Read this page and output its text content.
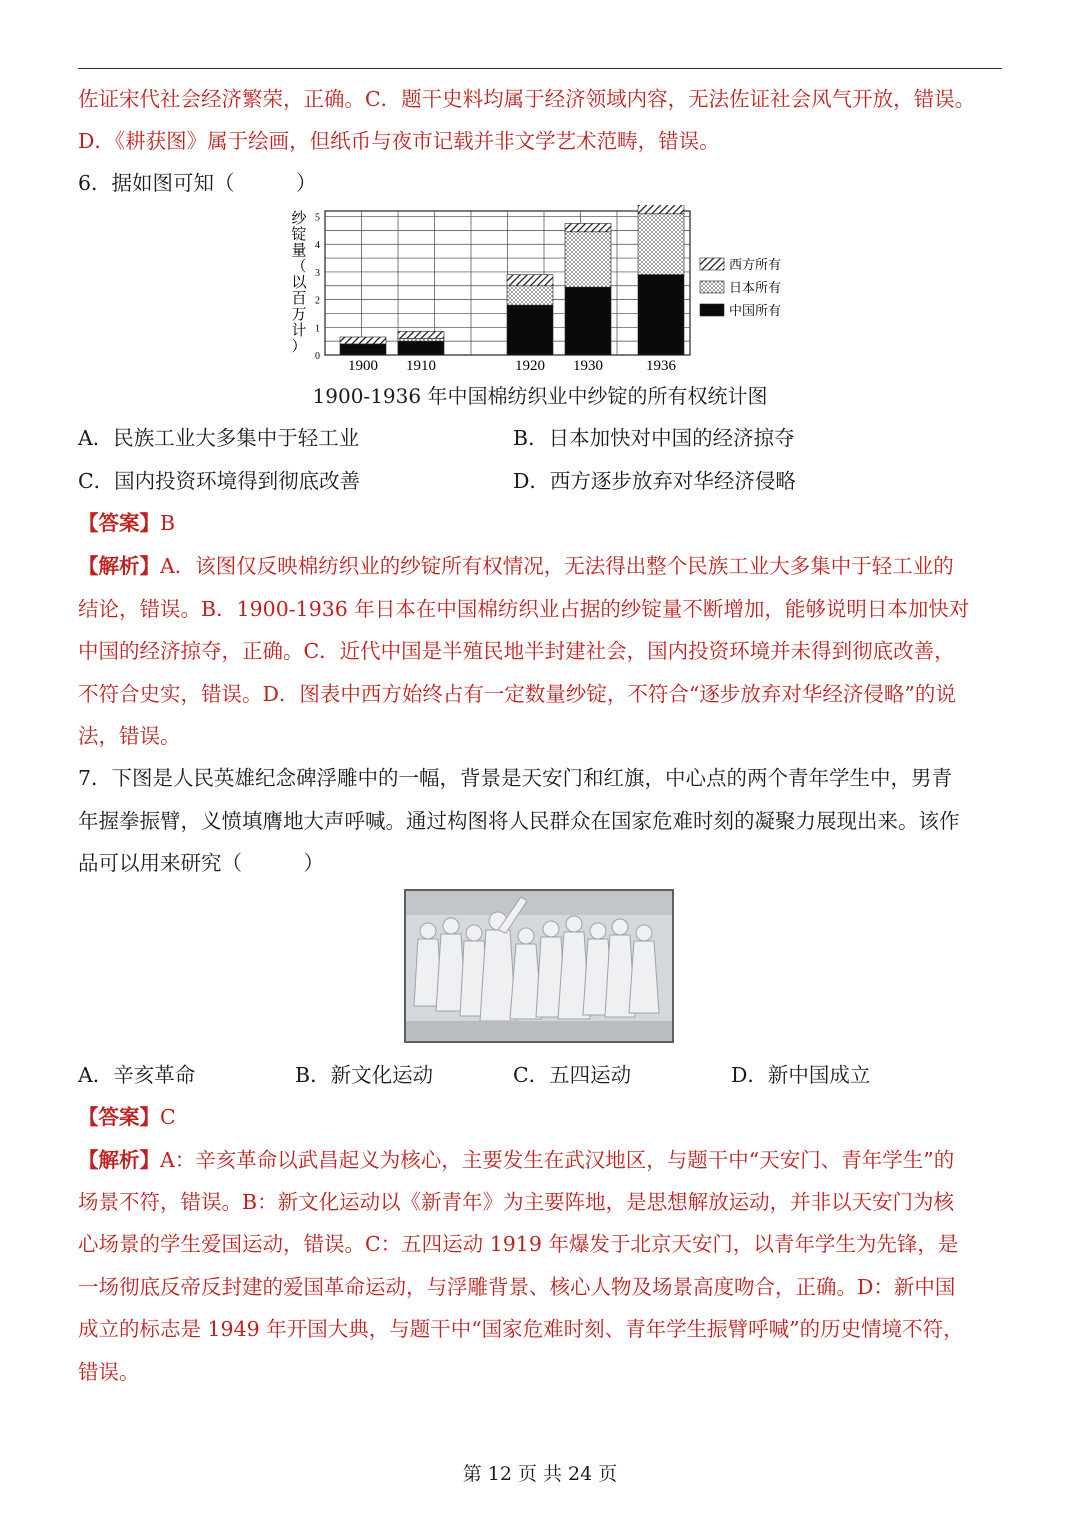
佐证宋代社会经济繁荣，正确。C．题干史料均属于经济领域内容，无法佐证社会风气开放，错误。
D．《耕获图》属于绘画，但纸币与夜市记载并非文学艺术范畴，错误。
6．据如图可知（　　　）
纱
锭
量
（
以
百
万
计
）
0
1
2
3
4
5
1900 1910	1920 1930	1936
西方所有
日本所有
中国所有
1900-1936 年中国棉纺织业中纱锭的所有权统计图
A．民族工业大多集中于轻工业	B．日本加快对中国的经济掠夺
C．国内投资环境得到彻底改善	D．西方逐步放弃对华经济侵略
【答案】B
【解析】A．该图仅反映棉纺织业的纱锭所有权情况，无法得出整个民族工业大多集中于轻工业的
结论，错误。B．1900-1936 年日本在中国棉纺织业占据的纱锭量不断增加，能够说明日本加快对
中国的经济掠夺，正确。C．近代中国是半殖民地半封建社会，国内投资环境并未得到彻底改善，
不符合史实，错误。D．图表中西方始终占有一定数量纱锭，不符合“逐步放弃对华经济侵略”的说
法，错误。
7．下图是人民英雄纪念碑浮雕中的一幅，背景是天安门和红旗，中心点的两个青年学生中，男青
年握拳振臂，义愤填膺地大声呼喊。通过构图将人民群众在国家危难时刻的凝聚力展现出来。该作
品可以用来研究（　　　）
A．辛亥革命	B．新文化运动	C．五四运动	D．新中国成立
【答案】C
【解析】A：辛亥革命以武昌起义为核心，主要发生在武汉地区，与题干中“天安门、青年学生”的
场景不符，错误。B：新文化运动以《新青年》为主要阵地，是思想解放运动，并非以天安门为核
心场景的学生爱国运动，错误。C：五四运动 1919 年爆发于北京天安门，以青年学生为先锋，是
一场彻底反帝反封建的爱国革命运动，与浮雕背景、核心人物及场景高度吻合，正确。D：新中国
成立的标志是 1949 年开国大典，与题干中“国家危难时刻、青年学生振臂呼喊”的历史情境不符，
错误。
第 12 页 共 24 页
